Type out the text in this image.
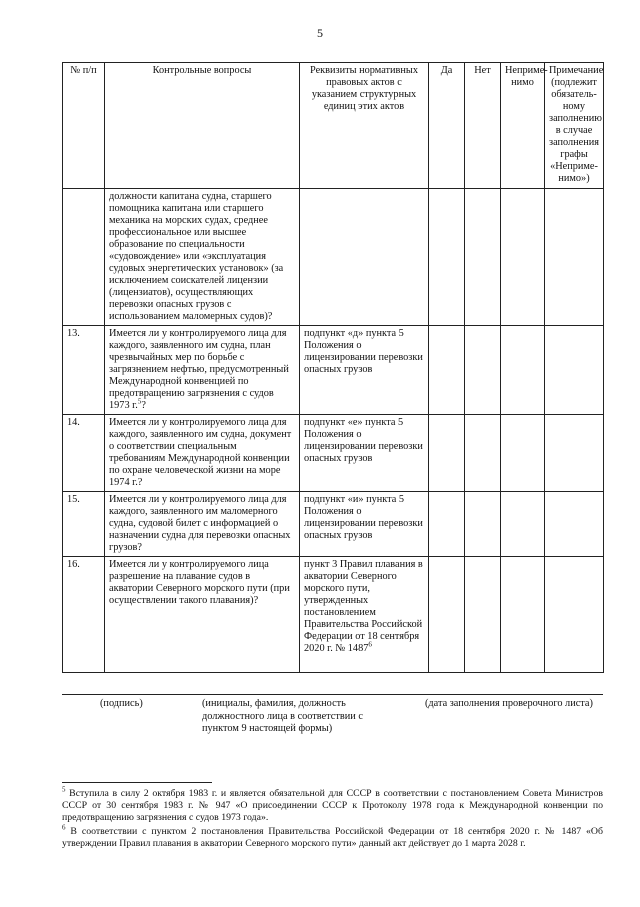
5
№ п/п	Контрольные вопросы	Реквизиты нормативных правовых актов с указанием структурных единиц этих актов	Да	Нет	Неприме-нимо	Примечание (подлежит обязатель-ному заполнению в случае заполнения графы «Неприме-нимо»)
	должности капитана судна, старшего помощника капитана или старшего механика на морских судах, среднее профессиональное или высшее образование по специальности «судовождение» или «эксплуатация судовых энергетических установок» (за исключением соискателей лицензии (лицензиатов), осуществляющих перевозки опасных грузов с использованием маломерных судов)?					
13.	Имеется ли у контролируемого лица для каждого, заявленного им судна, план чрезвычайных мер по борьбе с загрязнением нефтью, предусмотренный Международной конвенцией по предотвращению загрязнения с судов 1973 г.$^5$?	подпункт «д» пункта 5 Положения о лицензировании перевозки опасных грузов				
14.	Имеется ли у контролируемого лица для каждого, заявленного им судна, документ о соответствии специальным требованиям Международной конвенции по охране человеческой жизни на море 1974 г.?	подпункт «е» пункта 5 Положения о лицензировании перевозки опасных грузов				
15.	Имеется ли у контролируемого лица для каждого, заявленного им маломерного судна, судовой билет с информацией о назначении судна для перевозки опасных грузов?	подпункт «и» пункта 5 Положения о лицензировании перевозки опасных грузов				
16.	Имеется ли у контролируемого лица разрешение на плавание судов в акватории Северного морского пути (при осуществлении такого плавания)?	пункт 3 Правил плавания в акватории Северного морского пути, утвержденных постановлением Правительства Российской Федерации от 18 сентября 2020 г. № 1487$^6$				
(подпись)	(инициалы, фамилия, должность должностного лица в соответствии с пунктом 9 настоящей формы)
(дата заполнения проверочного листа)

$^5$ Вступила в силу 2 октября 1983 г. и является обязательной для СССР в соответствии с постановлением Совета Министров СССР от 30 сентября 1983 г. № 947 «О присоединении СССР к Протоколу 1978 года к Международной конвенции по предотвращению загрязнения с судов 1973 года».

$^6$ В соответствии с пунктом 2 постановления Правительства Российской Федерации от 18 сентября 2020 г. № 1487 «Об утверждении Правил плавания в акватории Северного морского пути» данный акт действует до 1 марта 2028 г.
